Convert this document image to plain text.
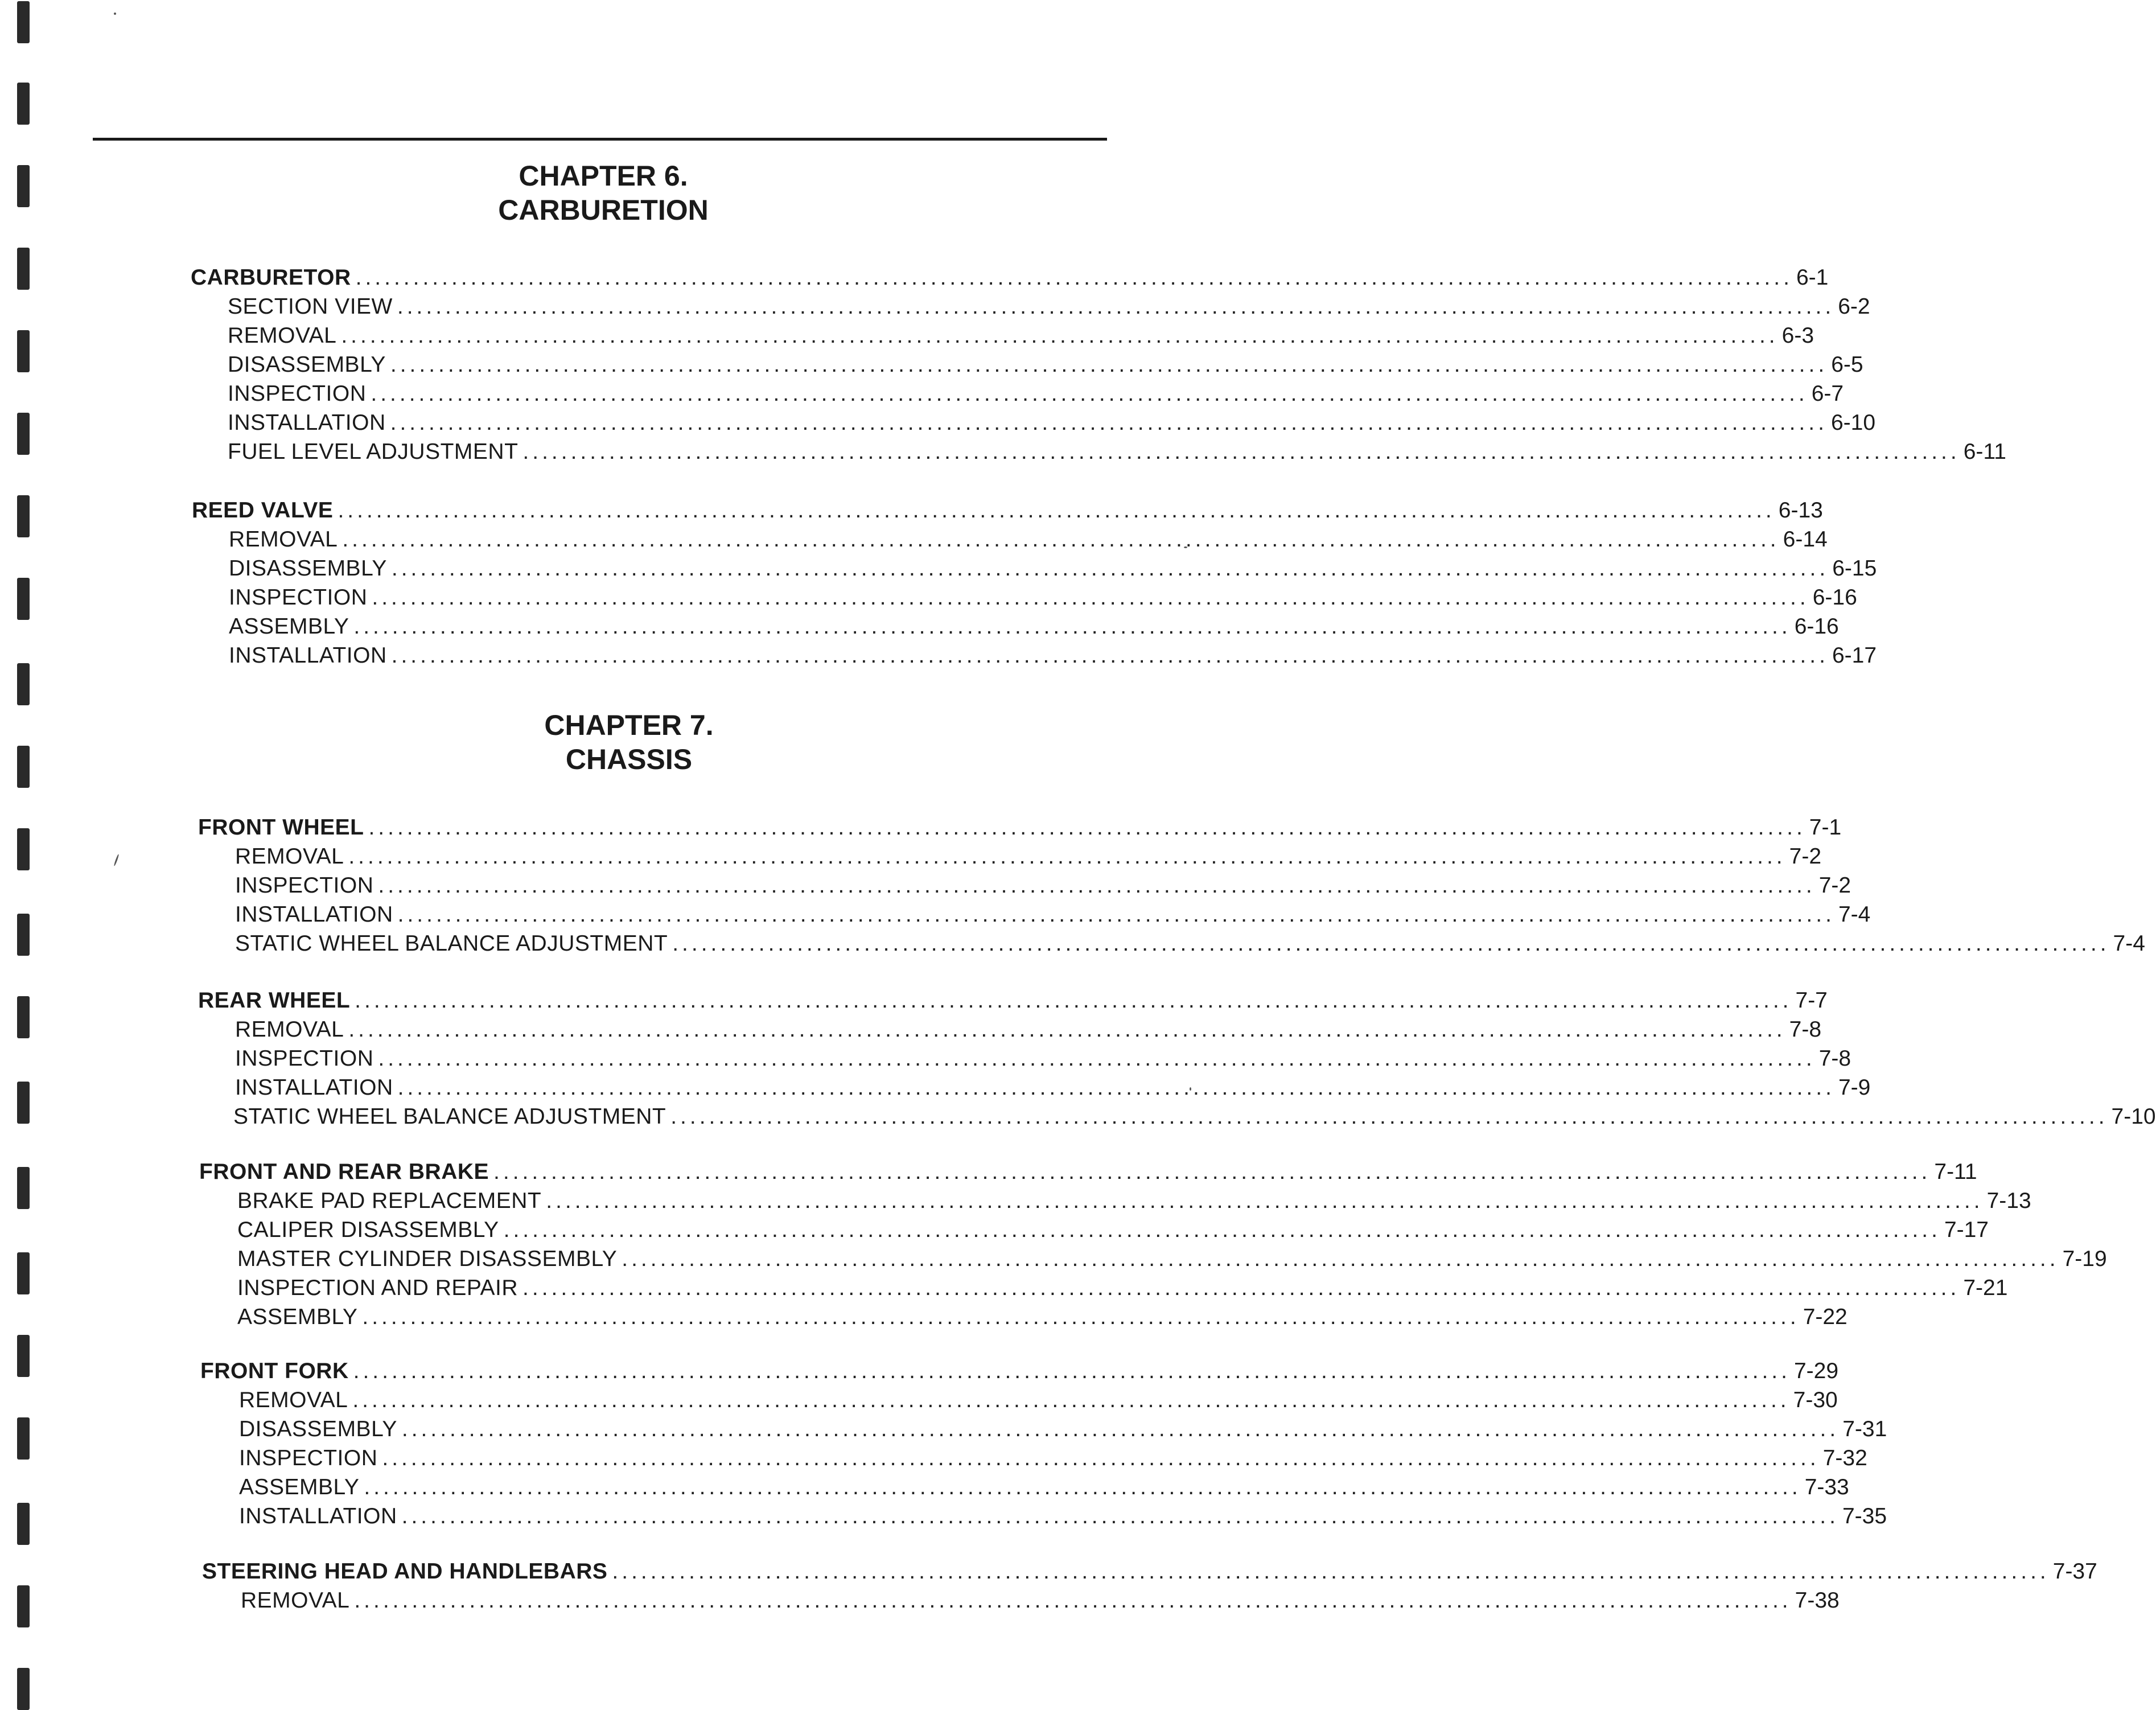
CHAPTER 6.
CARBURETION
CARBURETOR ...................................................................................................................................................... 6-1
SECTION VIEW ...................................................................................................................................................... 6-2
REMOVAL ...................................................................................................................................................... 6-3
DISASSEMBLY ...................................................................................................................................................... 6-5
INSPECTION ...................................................................................................................................................... 6-7
INSTALLATION ...................................................................................................................................................... 6-10
FUEL LEVEL ADJUSTMENT ...................................................................................................................................................... 6-11
REED VALVE ...................................................................................................................................................... 6-13
REMOVAL ...................................................................................................................................................... 6-14
DISASSEMBLY ...................................................................................................................................................... 6-15
INSPECTION ...................................................................................................................................................... 6-16
ASSEMBLY ...................................................................................................................................................... 6-16
INSTALLATION ...................................................................................................................................................... 6-17
CHAPTER 7.
CHASSIS
FRONT WHEEL ...................................................................................................................................................... 7-1
REMOVAL ...................................................................................................................................................... 7-2
INSPECTION ...................................................................................................................................................... 7-2
INSTALLATION ...................................................................................................................................................... 7-4
STATIC WHEEL BALANCE ADJUSTMENT ...................................................................................................................................................... 7-4
REAR WHEEL ...................................................................................................................................................... 7-7
REMOVAL ...................................................................................................................................................... 7-8
INSPECTION ...................................................................................................................................................... 7-8
INSTALLATION ...................................................................................................................................................... 7-9
STATIC WHEEL BALANCE ADJUSTMENT ...................................................................................................................................................... 7-10
FRONT AND REAR BRAKE ...................................................................................................................................................... 7-11
BRAKE PAD REPLACEMENT ...................................................................................................................................................... 7-13
CALIPER DISASSEMBLY ...................................................................................................................................................... 7-17
MASTER CYLINDER DISASSEMBLY ...................................................................................................................................................... 7-19
INSPECTION AND REPAIR ...................................................................................................................................................... 7-21
ASSEMBLY ...................................................................................................................................................... 7-22
FRONT FORK ...................................................................................................................................................... 7-29
REMOVAL ...................................................................................................................................................... 7-30
DISASSEMBLY ...................................................................................................................................................... 7-31
INSPECTION ...................................................................................................................................................... 7-32
ASSEMBLY ...................................................................................................................................................... 7-33
INSTALLATION ...................................................................................................................................................... 7-35
STEERING HEAD AND HANDLEBARS ...................................................................................................................................................... 7-37
REMOVAL ...................................................................................................................................................... 7-38
